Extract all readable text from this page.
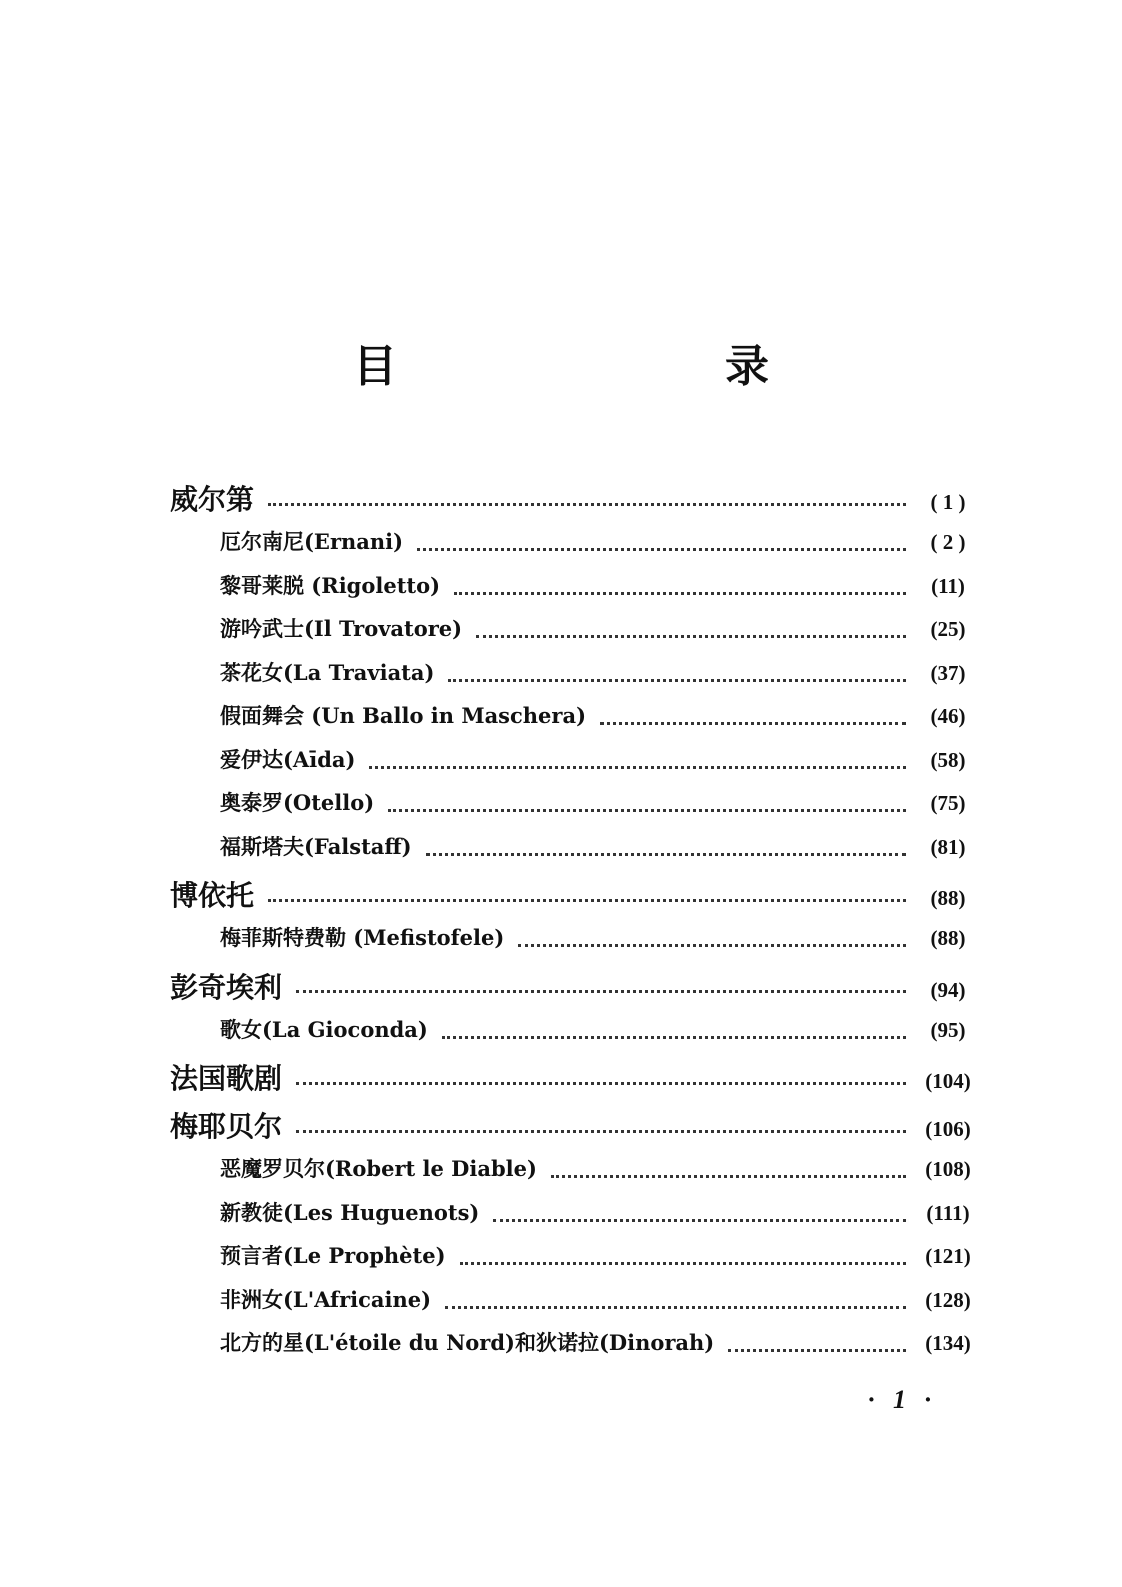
目　　录
威尔第	( 1 )
厄尔南尼(Ernani)	( 2 )
黎哥莱脱 (Rigoletto)	(11)
游吟武士(Il Trovatore)	(25)
茶花女(La Traviata)	(37)
假面舞会 (Un Ballo in Maschera)	(46)
爱伊达(Aīda)	(58)
奥泰罗(Otello)	(75)
福斯塔夫(Falstaff)	(81)
博依托	(88)
梅菲斯特费勒 (Mefistofele)	(88)
彭奇埃利	(94)
歌女(La Gioconda)	(95)
法国歌剧	(104)
梅耶贝尔	(106)
恶魔罗贝尔(Robert le Diable)	(108)
新教徒(Les Huguenots)	(111)
预言者(Le Prophète)	(121)
非洲女(L'Africaine)	(128)
北方的星(L'étoile du Nord)和狄诺拉(Dinorah)	(134)
· 1 ·
